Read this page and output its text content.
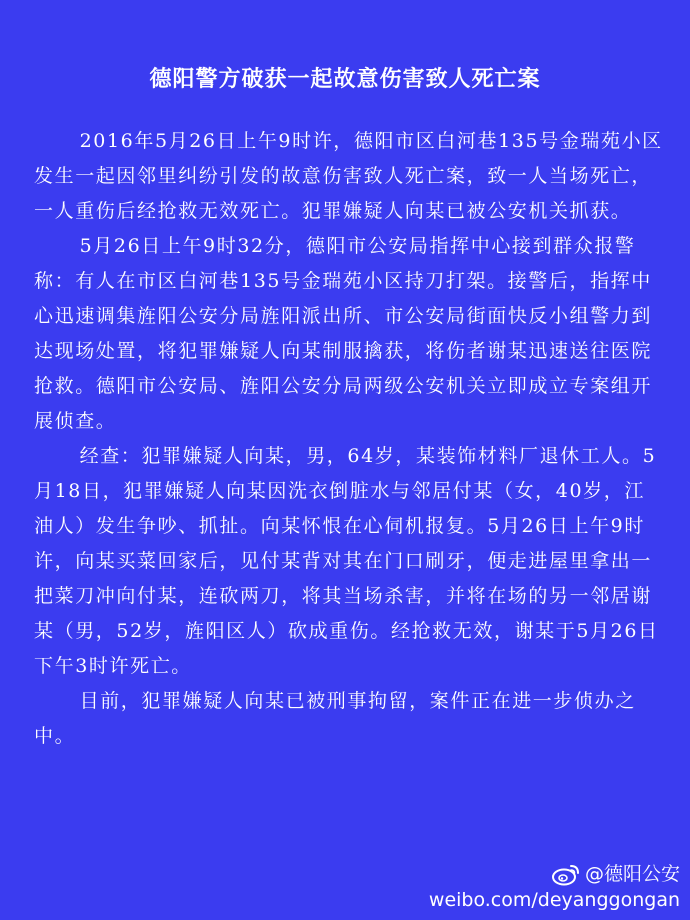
德阳警方破获一起故意伤害致人死亡案

2016年5月26日上午9时许，德阳市区白河巷135号金瑞苑小区发生一起因邻里纠纷引发的故意伤害致人死亡案，致一人当场死亡，一人重伤后经抢救无效死亡。犯罪嫌疑人向某已被公安机关抓获。

5月26日上午9时32分，德阳市公安局指挥中心接到群众报警称：有人在市区白河巷135号金瑞苑小区持刀打架。接警后，指挥中心迅速调集旌阳公安分局旌阳派出所、市公安局街面快反小组警力到达现场处置，将犯罪嫌疑人向某制服擒获，将伤者谢某迅速送往医院抢救。德阳市公安局、旌阳公安分局两级公安机关立即成立专案组开展侦查。

经查：犯罪嫌疑人向某，男，64岁，某装饰材料厂退休工人。5月18日，犯罪嫌疑人向某因洗衣倒脏水与邻居付某（女，40岁，江油人）发生争吵、抓扯。向某怀恨在心伺机报复。5月26日上午9时许，向某买菜回家后，见付某背对其在门口刷牙，便走进屋里拿出一把菜刀冲向付某，连砍两刀，将其当场杀害，并将在场的另一邻居谢某（男，52岁，旌阳区人）砍成重伤。经抢救无效，谢某于5月26日下午3时许死亡。

目前，犯罪嫌疑人向某已被刑事拘留，案件正在进一步侦办之中。

@德阳公安
weibo.com/deyanggongan
